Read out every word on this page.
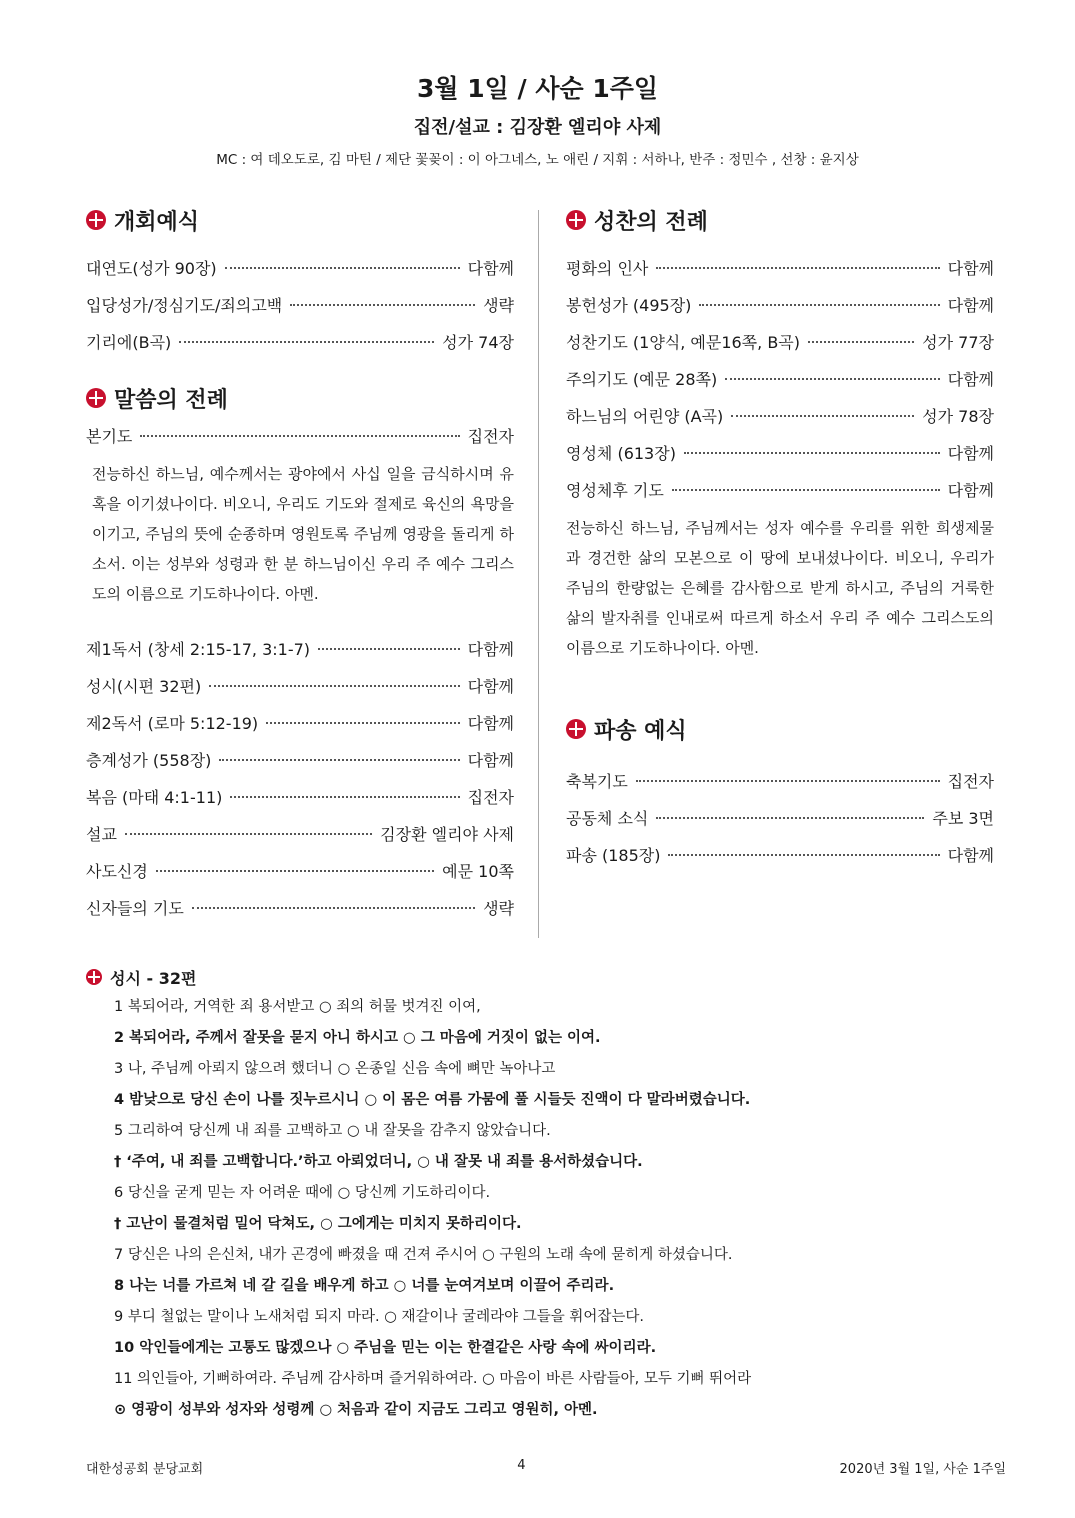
3월 1일 / 사순 1주일
집전/설교 : 김장환 엘리야 사제
MC : 여 데오도로, 김 마틴 / 제단 꽃꽂이 : 이 아그네스, 노 애린 / 지휘 : 서하나, 반주 : 정민수 , 선창 : 윤지상
개회예식
대연도(성가 90장)	다함께
입당성가/정심기도/죄의고백	생략
기리에(B곡)	성가 74장
말씀의 전례
본기도	집전자
전능하신 하느님, 예수께서는 광야에서 사십 일을 금식하시며 유혹을 이기셨나이다. 비오니, 우리도 기도와 절제로 육신의 욕망을 이기고, 주님의 뜻에 순종하며 영원토록 주님께 영광을 돌리게 하소서. 이는 성부와 성령과 한 분 하느님이신 우리 주 예수 그리스도의 이름으로 기도하나이다. 아멘.
제1독서 (창세 2:15-17, 3:1-7)	다함께
성시(시편 32편)	다함께
제2독서 (로마 5:12-19)	다함께
층계성가 (558장)	다함께
복음 (마태 4:1-11)	집전자
설교	김장환 엘리야 사제
사도신경	예문 10쪽
신자들의 기도	생략
성찬의 전례
평화의 인사	다함께
봉헌성가 (495장)	다함께
성찬기도 (1양식, 예문16쪽, B곡)	성가 77장
주의기도 (예문 28쪽)	다함께
하느님의 어린양 (A곡)	성가 78장
영성체 (613장)	다함께
영성체후 기도	다함께
전능하신 하느님, 주님께서는 성자 예수를 우리를 위한 희생제물과 경건한 삶의 모본으로 이 땅에 보내셨나이다. 비오니, 우리가 주님의 한량없는 은혜를 감사함으로 받게 하시고, 주님의 거룩한 삶의 발자취를 인내로써 따르게 하소서 우리 주 예수 그리스도의 이름으로 기도하나이다. 아멘.
파송 예식
축복기도	집전자
공동체 소식	주보 3면
파송 (185장)	다함께
성시 - 32편
1 복되어라, 거역한 죄 용서받고 ○ 죄의 허물 벗겨진 이여,
2 복되어라, 주께서 잘못을 묻지 아니 하시고 ○ 그 마음에 거짓이 없는 이여.
3 나, 주님께 아뢰지 않으려 했더니 ○ 온종일 신음 속에 뼈만 녹아나고
4 밤낮으로 당신 손이 나를 짓누르시니 ○ 이 몸은 여름 가뭄에 풀 시들듯 진액이 다 말라버렸습니다.
5 그리하여 당신께 내 죄를 고백하고 ○ 내 잘못을 감추지 않았습니다.
† ‘주여, 내 죄를 고백합니다.’하고 아뢰었더니, ○ 내 잘못 내 죄를 용서하셨습니다.
6 당신을 굳게 믿는 자 어려운 때에 ○ 당신께 기도하리이다.
† 고난이 물결처럼 밀어 닥쳐도, ○ 그에게는 미치지 못하리이다.
7 당신은 나의 은신처, 내가 곤경에 빠졌을 때 건져 주시어 ○ 구원의 노래 속에 묻히게 하셨습니다.
8 나는 너를 가르쳐 네 갈 길을 배우게 하고 ○ 너를 눈여겨보며 이끌어 주리라.
9 부디 철없는 말이나 노새처럼 되지 마라. ○ 재갈이나 굴레라야 그들을 휘어잡는다.
10 악인들에게는 고통도 많겠으나 ○ 주님을 믿는 이는 한결같은 사랑 속에 싸이리라.
11 의인들아, 기뻐하여라. 주님께 감사하며 즐거워하여라. ○ 마음이 바른 사람들아, 모두 기뻐 뛰어라
⊙ 영광이 성부와 성자와 성령께 ○ 처음과 같이 지금도 그리고 영원히, 아멘.
대한성공회 분당교회	4	2020년 3월 1일, 사순 1주일
